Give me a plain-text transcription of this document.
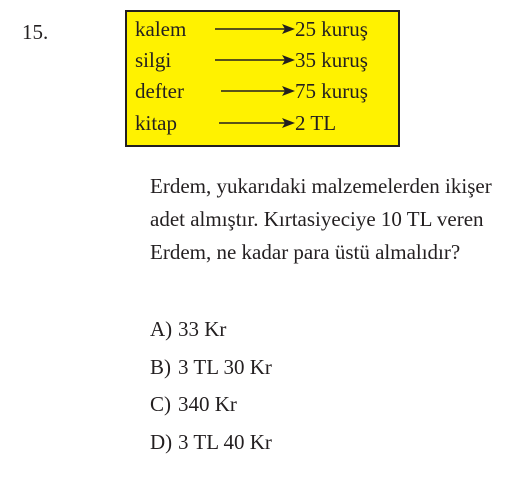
15.	kalem	25 kuruş
silgi	35 kuruş
defter	75 kuruş
kitap	2 TL
Erdem, yukarıdaki malzemelerden ikişer
adet almıştır. Kırtasiyeciye 10 TL veren
Erdem, ne kadar para üstü almalıdır?
A) 33 Kr
B) 3 TL 30 Kr
C) 340 Kr
D) 3 TL 40 Kr
